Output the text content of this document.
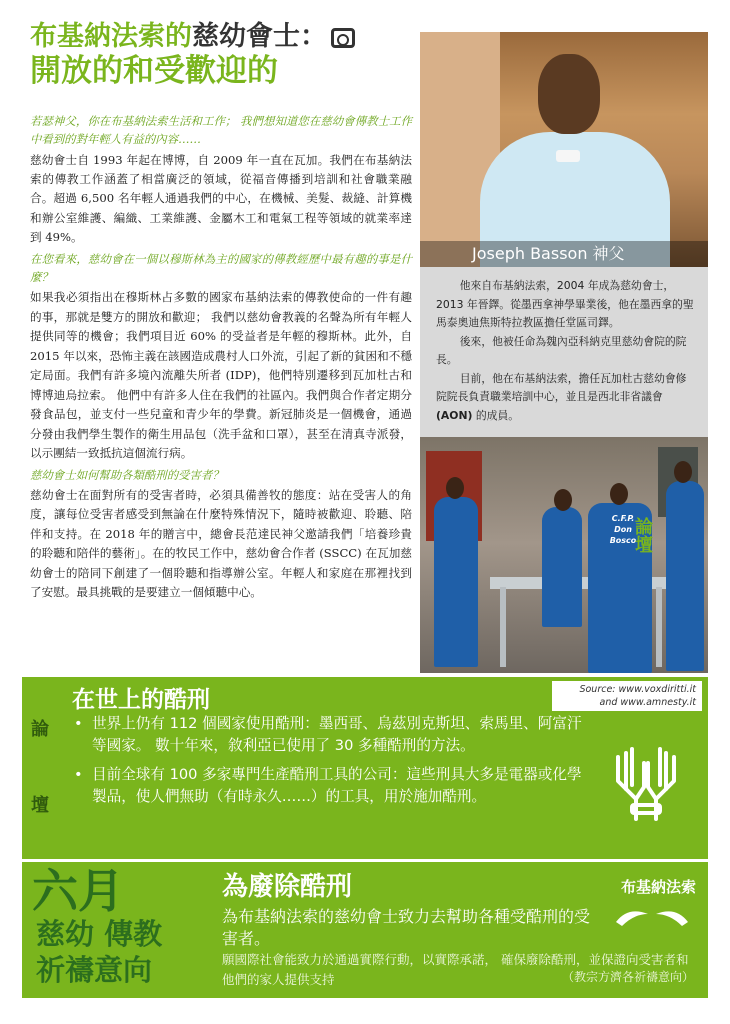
布基納法索的慈幼會士：
開放的和受歡迎的

若瑟神父，你在布基納法索生活和工作； 我們想知道您在慈幼會傳教士工作中看到的對年輕人有益的內容……

慈幼會士自 1993 年起在博博，自 2009 年一直在瓦加。我們在布基納法索的傳教工作涵蓋了相當廣泛的領域，從福音傳播到培訓和社會職業融合。超過 6,500 名年輕人通過我們的中心，在機械、美髮、裁縫、計算機和辦公室維護、編織、工業維護、金屬木工和電氣工程等領域的就業率達到 49%。

在您看來，慈幼會在一個以穆斯林為主的國家的傳教經歷中最有趣的事是什麼？

如果我必須指出在穆斯林占多數的國家布基納法索的傳教使命的一件有趣的事，那就是雙方的開放和歡迎； 我們以慈幼會教義的名聲為所有年輕人提供同等的機會；我們項目近 60% 的受益者是年輕的穆斯林。此外，自 2015 年以來，恐怖主義在該國造成農村人口外流，引起了新的貧困和不穩定局面。我們有許多境內流離失所者 (IDP)，他們特別遷移到瓦加杜古和博博迪烏拉索。 他們中有許多人住在我們的社區內。我們與合作者定期分發食品包，並支付一些兒童和青少年的學費。新冠肺炎是一個機會，通過分發由我們學生製作的衛生用品包（洗手盆和口罩），甚至在清真寺派發，以示團結一致抵抗這個流行病。

慈幼會士如何幫助各類酷刑的受害者？

慈幼會士在面對所有的受害者時，必須具備善牧的態度：站在受害人的角度，讓每位受害者感受到無論在什麼特殊情況下，隨時被歡迎、聆聽、陪伴和支持。在 2018 年的贈言中，總會長范達民神父邀請我們「培養珍貴的聆聽和陪伴的藝術」。在的牧民工作中，慈幼會合作者 (SSCC) 在瓦加慈幼會士的陪同下創建了一個聆聽和指導辦公室。年輕人和家庭在那裡找到了安慰。最具挑戰的是要建立一個傾聽中心。

Joseph Basson 神父

他來自布基納法索，2004 年成為慈幼會士，2013 年晉鐸。從墨西拿神學畢業後，他在墨西拿的聖馬泰奧迪焦斯特拉教區擔任堂區司鐸。

後來，他被任命為魏內亞科納克里慈幼會院的院長。

目前，他在布基納法索，擔任瓦加杜古慈幼會修院院長負責職業培訓中心，並且是西北非省議會 (AON) 的成員。

C.F.P.
Don Bosco
論壇
論
壇
在世上的酷刑	Source: www.voxdiritti.it
and www.amnesty.it
• 世界上仍有 112 個國家使用酷刑：墨西哥、烏茲別克斯坦、索馬里、阿富汗等國家。 數十年來，敘利亞已使用了 30 多種酷刑的方法。
• 目前全球有 100 多家專門生產酷刑工具的公司：這些刑具大多是電器或化學製品，使人們無助（有時永久……）的工具，用於施加酷刑。
六月
慈幼 傳教
祈禱意向
為廢除酷刑
為布基納法索的慈幼會士致力去幫助各種受酷刑的受害者。
願國際社會能致力於通過實際行動，以實際承諾， 確保廢除酷刑，並保證向受害者和他們的家人提供支持	（教宗方濟各祈禱意向）
布基納法索
